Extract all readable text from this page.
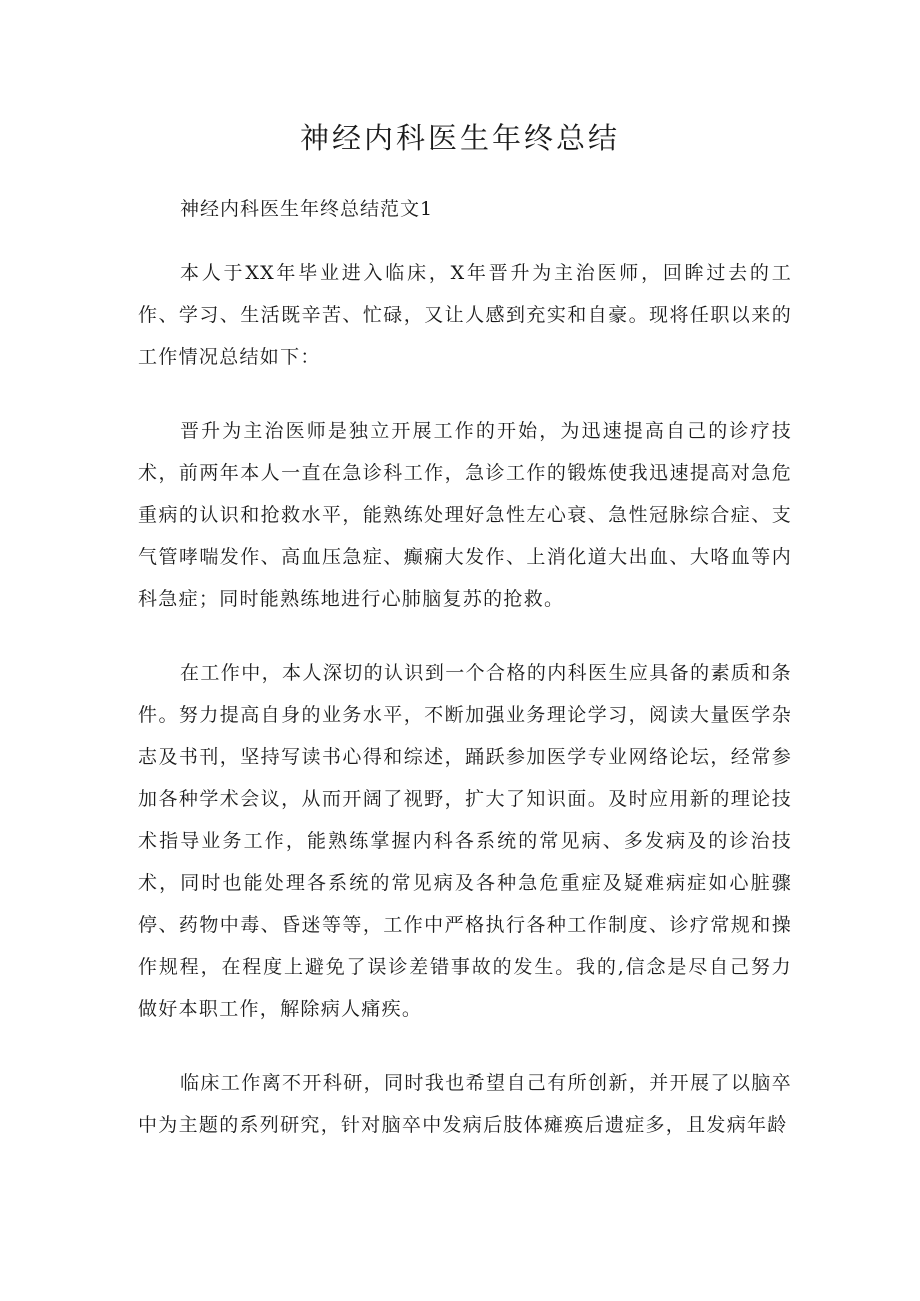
神经内科医生年终总结

神经内科医生年终总结范文1

本人于XX年毕业进入临床，X年晋升为主治医师，回眸过去的工作、学习、生活既辛苦、忙碌，又让人感到充实和自豪。现将任职以来的工作情况总结如下：

晋升为主治医师是独立开展工作的开始，为迅速提高自己的诊疗技术，前两年本人一直在急诊科工作，急诊工作的锻炼使我迅速提高对急危重病的认识和抢救水平，能熟练处理好急性左心衰、急性冠脉综合症、支气管哮喘发作、高血压急症、癫痫大发作、上消化道大出血、大咯血等内科急症；同时能熟练地进行心肺脑复苏的抢救。

在工作中，本人深切的认识到一个合格的内科医生应具备的素质和条件。努力提高自身的业务水平，不断加强业务理论学习，阅读大量医学杂志及书刊，坚持写读书心得和综述，踊跃参加医学专业网络论坛，经常参加各种学术会议，从而开阔了视野，扩大了知识面。及时应用新的理论技术指导业务工作，能熟练掌握内科各系统的常见病、多发病及的诊治技术，同时也能处理各系统的常见病及各种急危重症及疑难病症如心脏骤停、药物中毒、昏迷等等，工作中严格执行各种工作制度、诊疗常规和操作规程，在程度上避免了误诊差错事故的发生。我的,信念是尽自己努力做好本职工作，解除病人痛疾。

临床工作离不开科研，同时我也希望自己有所创新，并开展了以脑卒中为主题的系列研究，针对脑卒中发病后肢体瘫痪后遗症多，且发病年龄
